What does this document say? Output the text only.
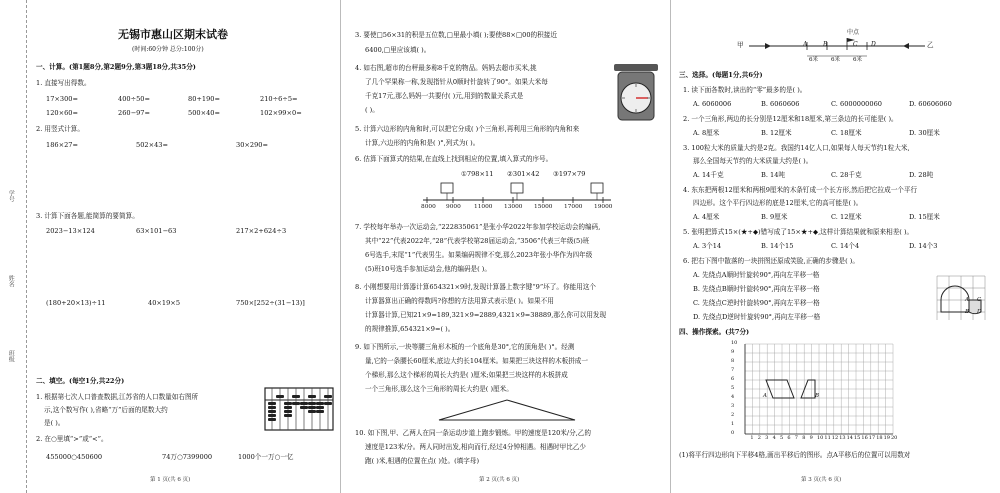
学号
姓名
班级
无锡市惠山区期末试卷
(时间:60分钟 总分:100分)
一、计算。(第1题8分,第2题9分,第3题18分,共35分)
1. 直接写出得数。
17×300=	400÷50=	80+190=	210÷6÷5=
120×60=	260−97=	500×40=	102×99×0=
2. 用竖式计算。
186×27=	502×43=	30×290=
3. 计算下面各题,能简算的要简算。
2023−13×124	63×101−63	217×2+624÷3
(180+20×13)÷11	40×19×5	750×[252÷(31−13)]
二、填空。(每空1分,共22分)
1. 根据第七次人口普查数据,江苏省的人口数量如右图所
示,这个数写作( ),省略“万”后面的尾数大约
是( )。
2. 在○里填“>”或“<”。
455000○450600	74万○7399000	1000个一万○一亿
第 1 页(共 6 页)
3. 要使□56×31的积是五位数,□里最小填( );要使88×□00的积接近
6400,□里应该填( )。
4. 如右图,超市的台秤最多称8千克的物品。妈妈去超市买米,挑
了几个罕果称一称,发现指针从0顺时针旋转了90°。如果大米每
千克17元,那么妈妈一共要付( )元,用到的数量关系式是
( )。
5. 计算六边形的内角和时,可以把它分成( )个三角形,再利用三角形的内角和来
计算,六边形的内角和是( )°,列式为( )。
6. 估算下面算式的结果,在直线上找到相应的位置,填入算式的序号。
①798×11 ②301×42 ③197×79
8000 9000 11000 13000 15000 17000 19000
7. 学校每年举办一次运动会,“222835061”是张小华2022年参加学校运动会的编码,
其中“22”代表2022年,“28”代表学校第28届运动会,“3506”代表三年级(5)班
6号选手,末尾“1”代表男生。如果编码规律不变,那么2023年张小华作为四年级
(5)班10号选手参加运动会,他的编码是( )。
8. 小刚想要用计算器计算654321×9时,发现计算器上数字键“9”坏了。你能用这个
计算器算出正确的得数吗?你想的方法用算式表示是( )。如果不用
计算器计算,已知21×9=189,321×9=2889,4321×9=38889,那么你可以用发现
的规律推算,654321×9=( )。
9. 如下图所示,一块等腰三角形木板的一个底角是30°,它的顶角是( )°。经测
量,它的一条腰长60厘米,底边大约长104厘米。如果把三块这样的木板拼成一
个梯形,那么这个梯形的周长大约是( )厘米;如果把三块这样的木板拼成
一个三角形,那么这个三角形的周长大约是( )厘米。
10. 如下图,甲、乙两人在同一条运动步道上跑步锻炼。甲的速度是120米/分,乙的
速度是123米/分。两人同时出发,相向而行,经过4分钟相遇。相遇时甲比乙少
跑( )米,相遇的位置在点( )处。(填字母)
第 2 页(共 6 页)
中点
甲	乙
A	B	C D
6米 6米 6米
三、选择。(每题1分,共6分)
1. 读下面各数时,读出的“零”最多的是( )。
A. 6060006	B. 6060606	C. 6000000060	D. 60606060
2. 一个三角形,两边的长分别是12厘米和18厘米,第三条边的长可能是( )。
A. 8厘米	B. 12厘米	C. 18厘米	D. 30厘米
3. 100粒大米的质量大约是2克。我国约14亿人口,如果每人每天节约1粒大米,
那么全国每天节约的大米质量大约是( )。
A. 14千克	B. 14吨	C. 28千克	D. 28吨
4. 东东把两根12厘米和两根9厘米的木条钉成一个长方形,然后把它拉成一个平行
四边形。这个平行四边形的底是12厘米,它的高可能是( )。
A. 4厘米	B. 9厘米	C. 12厘米	D. 15厘米
5. 张明把算式15×(★+◆)错写成了15×★+◆,这样计算结果就和原来相差( )。
A. 3个14	B. 14个15	C. 14个4	D. 14个3
6. 把右下图中散落的一块拼图还原成笑脸,正确的步骤是( )。
A. 先绕点A顺时针旋转90°,再向左平移一格
B. 先绕点B顺时针旋转90°,再向左平移一格
C. 先绕点C逆时针旋转90°,再向左平移一格
D. 先绕点D逆时针旋转90°,再向左平移一格
A
B
C
D
四、操作探索。(共7分)
A	B
10
9
8
7
6
5
4
3
2
1
0
1 2 3 4 5 6 7 8 9 10 11 12 13 14 15 16 17 18 19 20
(1)将平行四边形向下平移4格,画出平移后的图形。点A平移后的位置可以用数对
第 3 页(共 6 页)
